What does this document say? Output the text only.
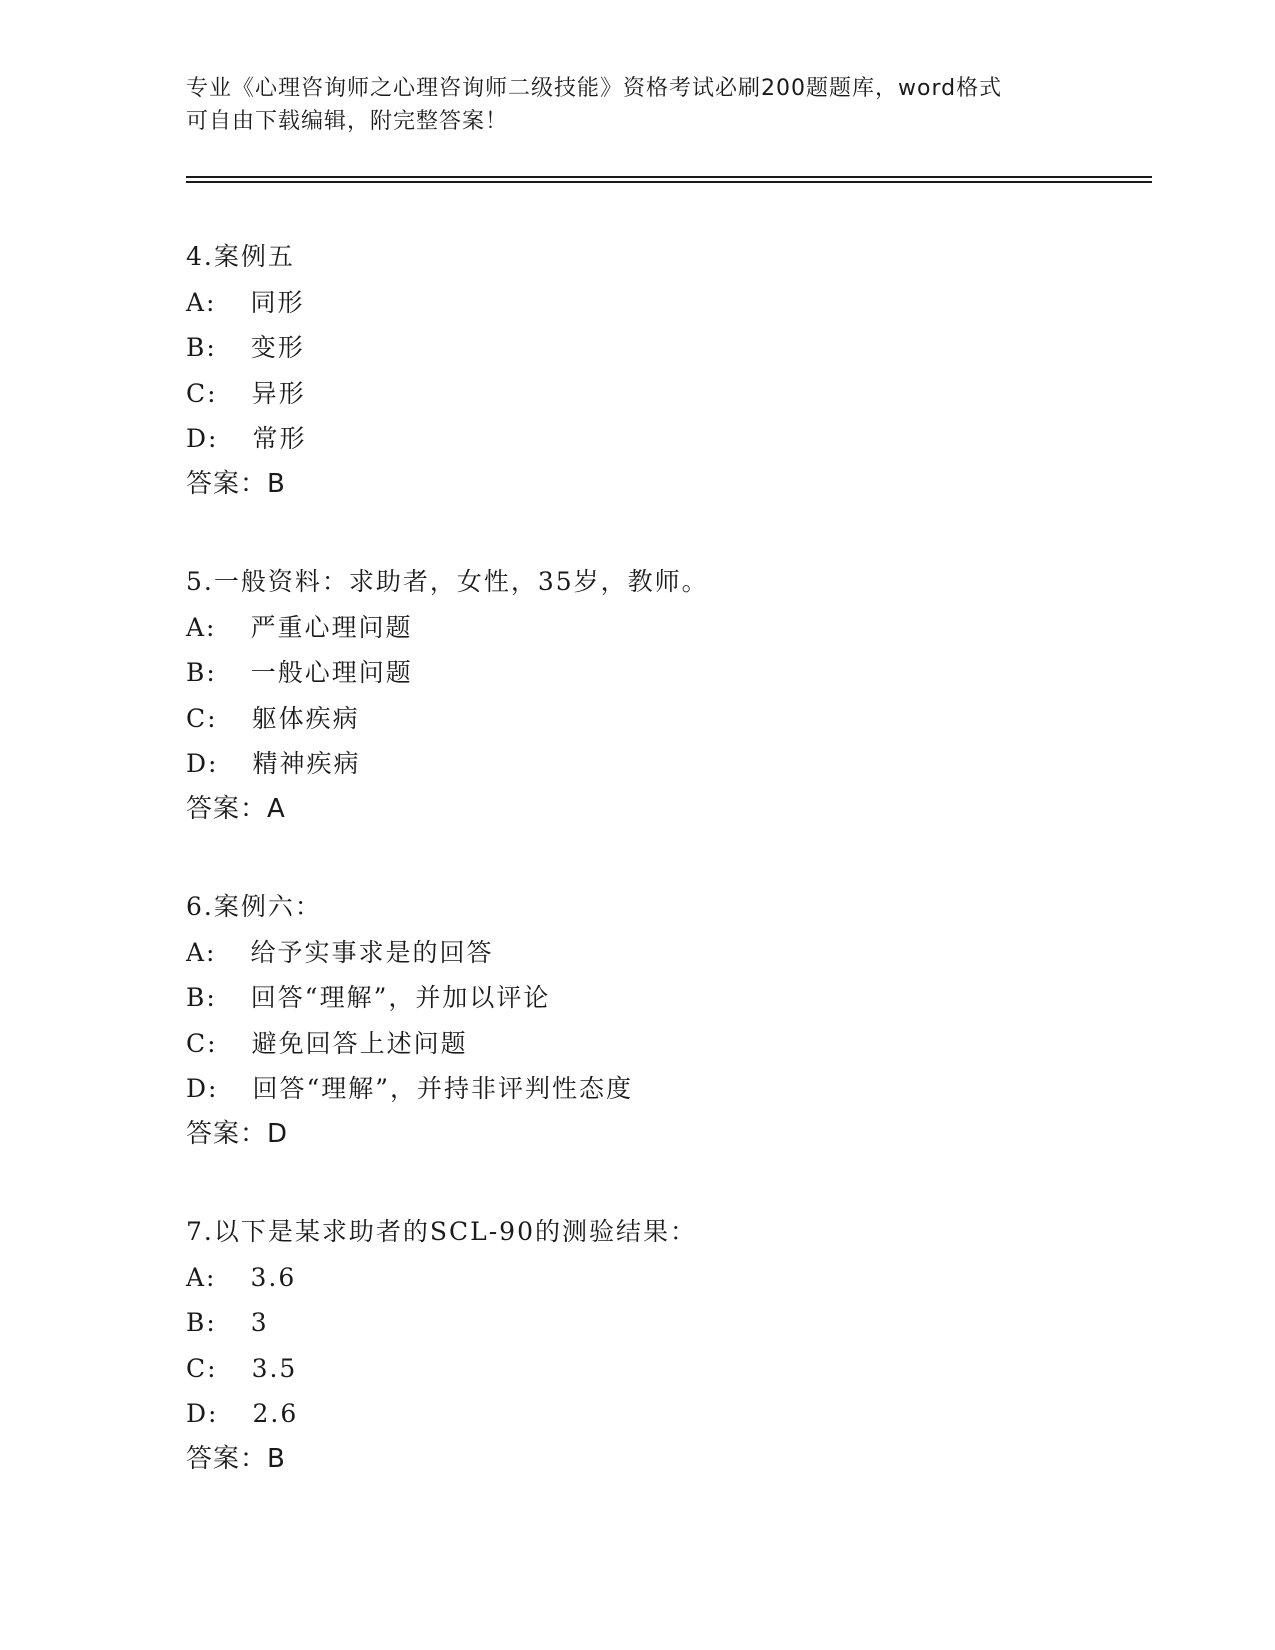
专业《心理咨询师之心理咨询师二级技能》资格考试必刷200题题库，word格式
可自由下载编辑，附完整答案！
4.案例五
A: 同形
B: 变形
C: 异形
D: 常形
答案：B
5.一般资料：求助者，女性，35岁，教师。
A: 严重心理问题
B: 一般心理问题
C: 躯体疾病
D: 精神疾病
答案：A
6.案例六：
A: 给予实事求是的回答
B: 回答“理解”，并加以评论
C: 避免回答上述问题
D: 回答“理解”，并持非评判性态度
答案：D
7.以下是某求助者的SCL-90的测验结果：
A: 3.6
B: 3
C: 3.5
D: 2.6
答案：B
